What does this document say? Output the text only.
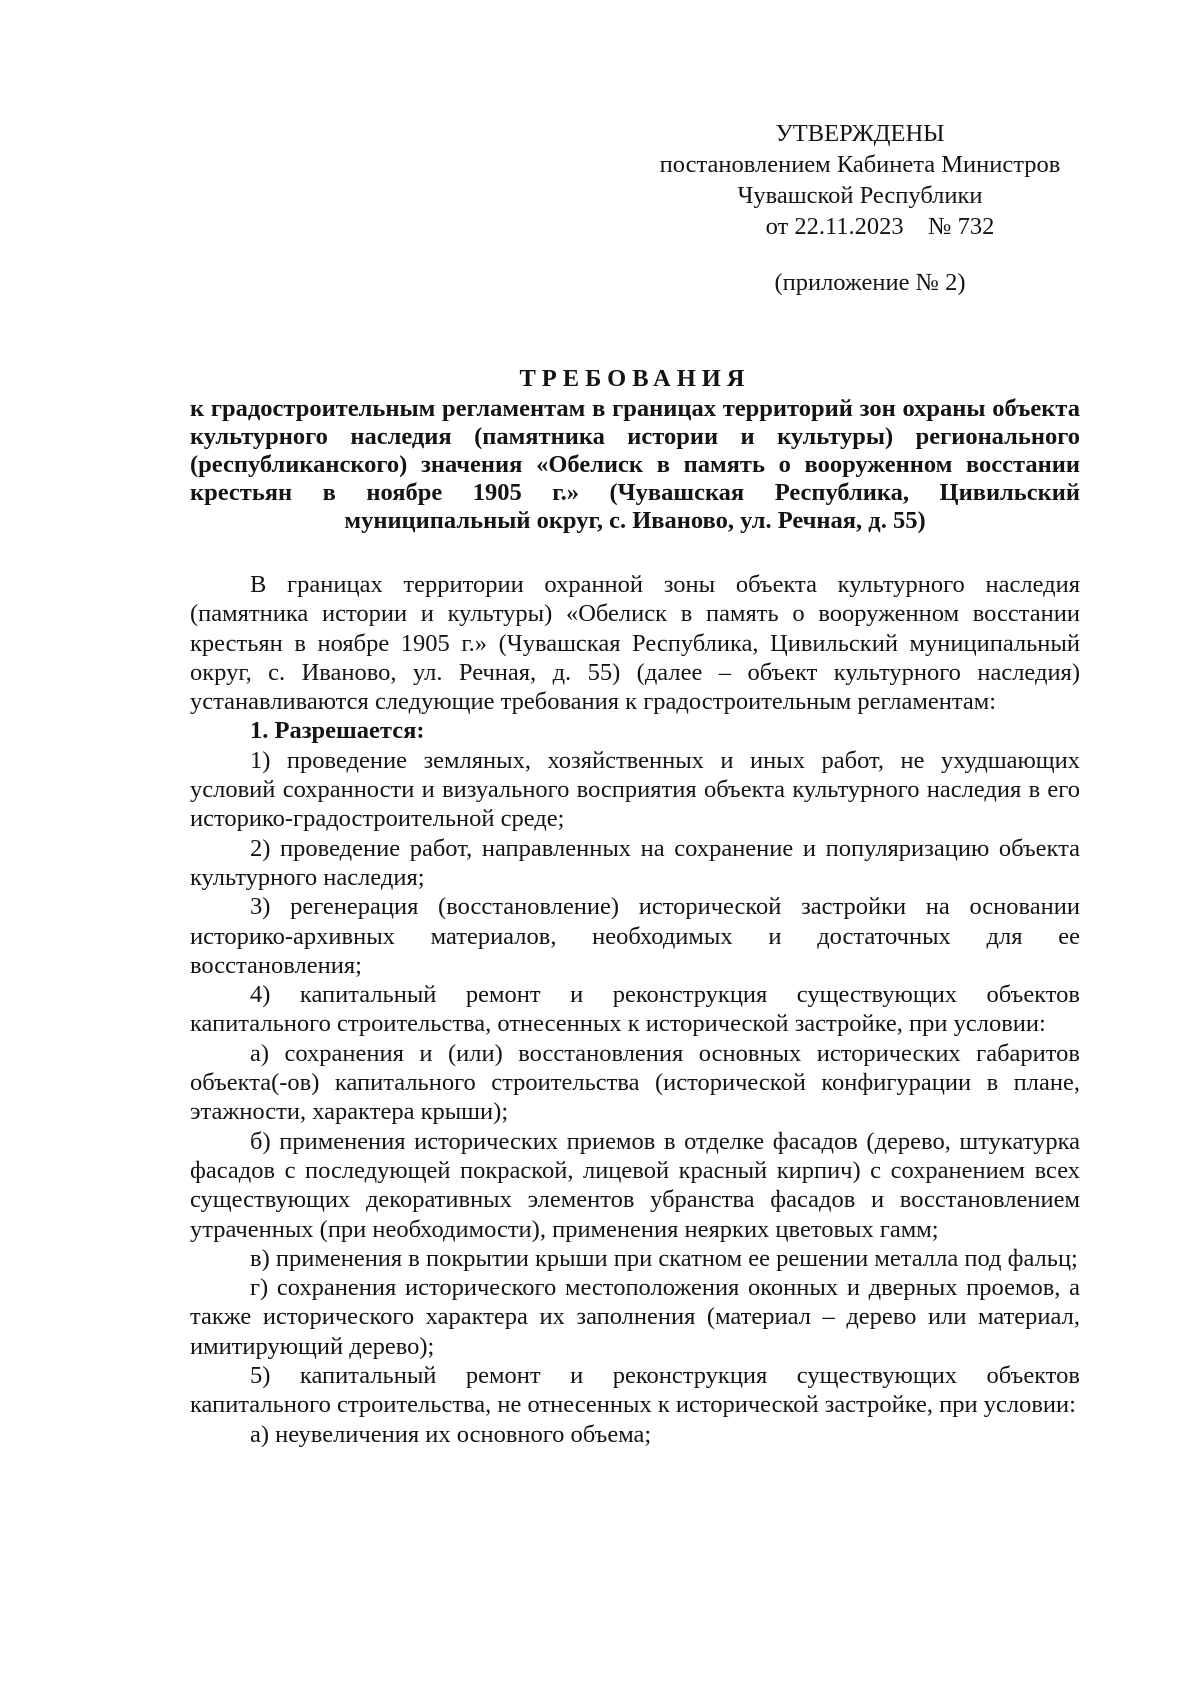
УТВЕРЖДЕНЫ
постановлением Кабинета Министров
Чувашской Республики
от 22.11.2023    № 732
(приложение № 2)
ТРЕБОВАНИЯ
к градостроительным регламентам в границах территорий зон охраны объекта культурного наследия (памятника истории и культуры) регионального (республиканского) значения «Обелиск в память о вооруженном восстании крестьян в ноябре 1905 г.» (Чувашская Республика, Цивильский муниципальный округ, с. Иваново, ул. Речная, д. 55)

В границах территории охранной зоны объекта культурного наследия (памятника истории и культуры) «Обелиск в память о вооруженном восстании крестьян в ноябре 1905 г.» (Чувашская Республика, Цивильский муниципальный округ, с. Иваново, ул. Речная, д. 55) (далее – объект культурного наследия) устанавливаются следующие требования к градостроительным регламентам:

1. Разрешается:

1) проведение земляных, хозяйственных и иных работ, не ухудшающих условий сохранности и визуального восприятия объекта культурного наследия в его историко-градостроительной среде;

2) проведение работ, направленных на сохранение и популяризацию объекта культурного наследия;

3) регенерация (восстановление) исторической застройки на основании историко-архивных материалов, необходимых и достаточных для ее восстановления;

4) капитальный ремонт и реконструкция существующих объектов капитального строительства, отнесенных к исторической застройке, при условии:

а) сохранения и (или) восстановления основных исторических габаритов объекта(-ов) капитального строительства (исторической конфигурации в плане, этажности, характера крыши);

б) применения исторических приемов в отделке фасадов (дерево, штукатурка фасадов с последующей покраской, лицевой красный кирпич) с сохранением всех существующих декоративных элементов убранства фасадов и восстановлением утраченных (при необходимости), применения неярких цветовых гамм;

в) применения в покрытии крыши при скатном ее решении металла под фальц;

г) сохранения исторического местоположения оконных и дверных проемов, а также исторического характера их заполнения (материал – дерево или материал, имитирующий дерево);

5) капитальный ремонт и реконструкция существующих объектов капитального строительства, не отнесенных к исторической застройке, при условии:

а) неувеличения их основного объема;
